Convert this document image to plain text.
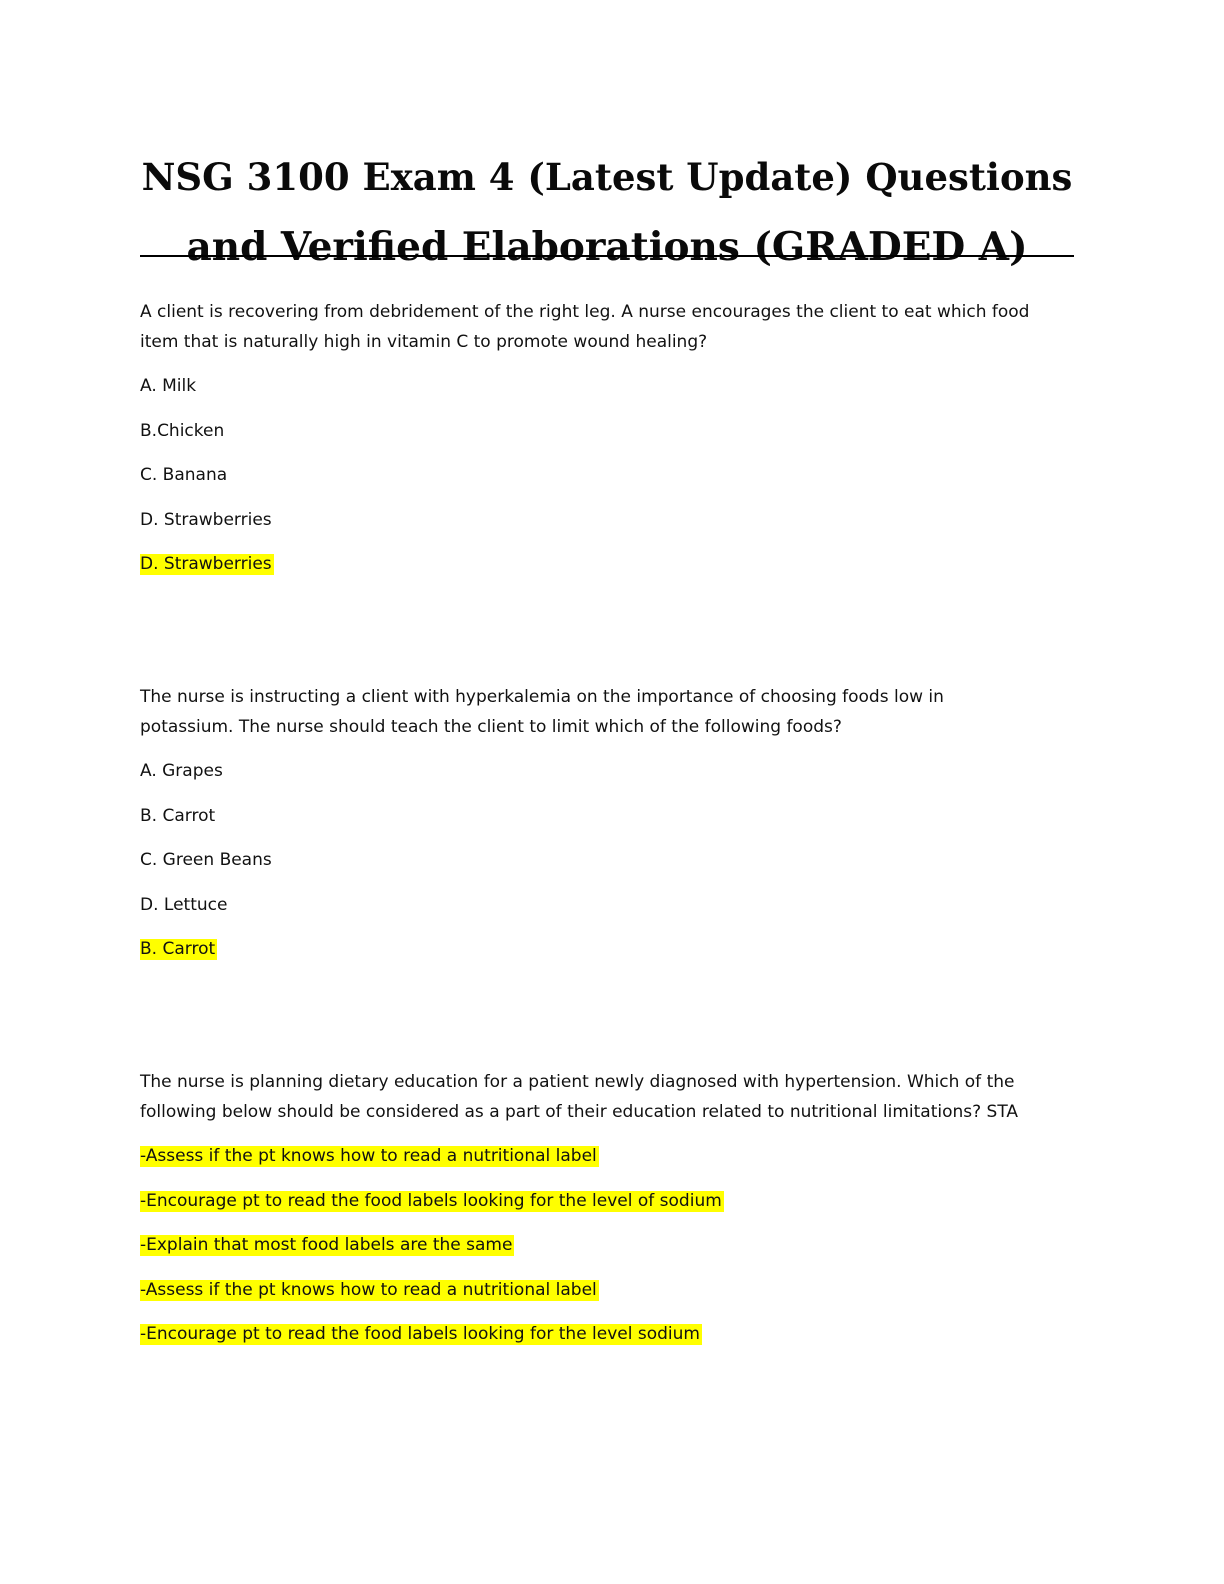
NSG 3100 Exam 4 (Latest Update) Questions
and Verified Elaborations (GRADED A)
A client is recovering from debridement of the right leg. A nurse encourages the client to eat which food
item that is naturally high in vitamin C to promote wound healing?
A. Milk
B.Chicken
C. Banana
D. Strawberries
D. Strawberries
The nurse is instructing a client with hyperkalemia on the importance of choosing foods low in
potassium. The nurse should teach the client to limit which of the following foods?
A. Grapes
B. Carrot
C. Green Beans
D. Lettuce
B. Carrot
The nurse is planning dietary education for a patient newly diagnosed with hypertension. Which of the
following below should be considered as a part of their education related to nutritional limitations? STA
-Assess if the pt knows how to read a nutritional label
-Encourage pt to read the food labels looking for the level of sodium
-Explain that most food labels are the same
-Assess if the pt knows how to read a nutritional label
-Encourage pt to read the food labels looking for the level sodium
